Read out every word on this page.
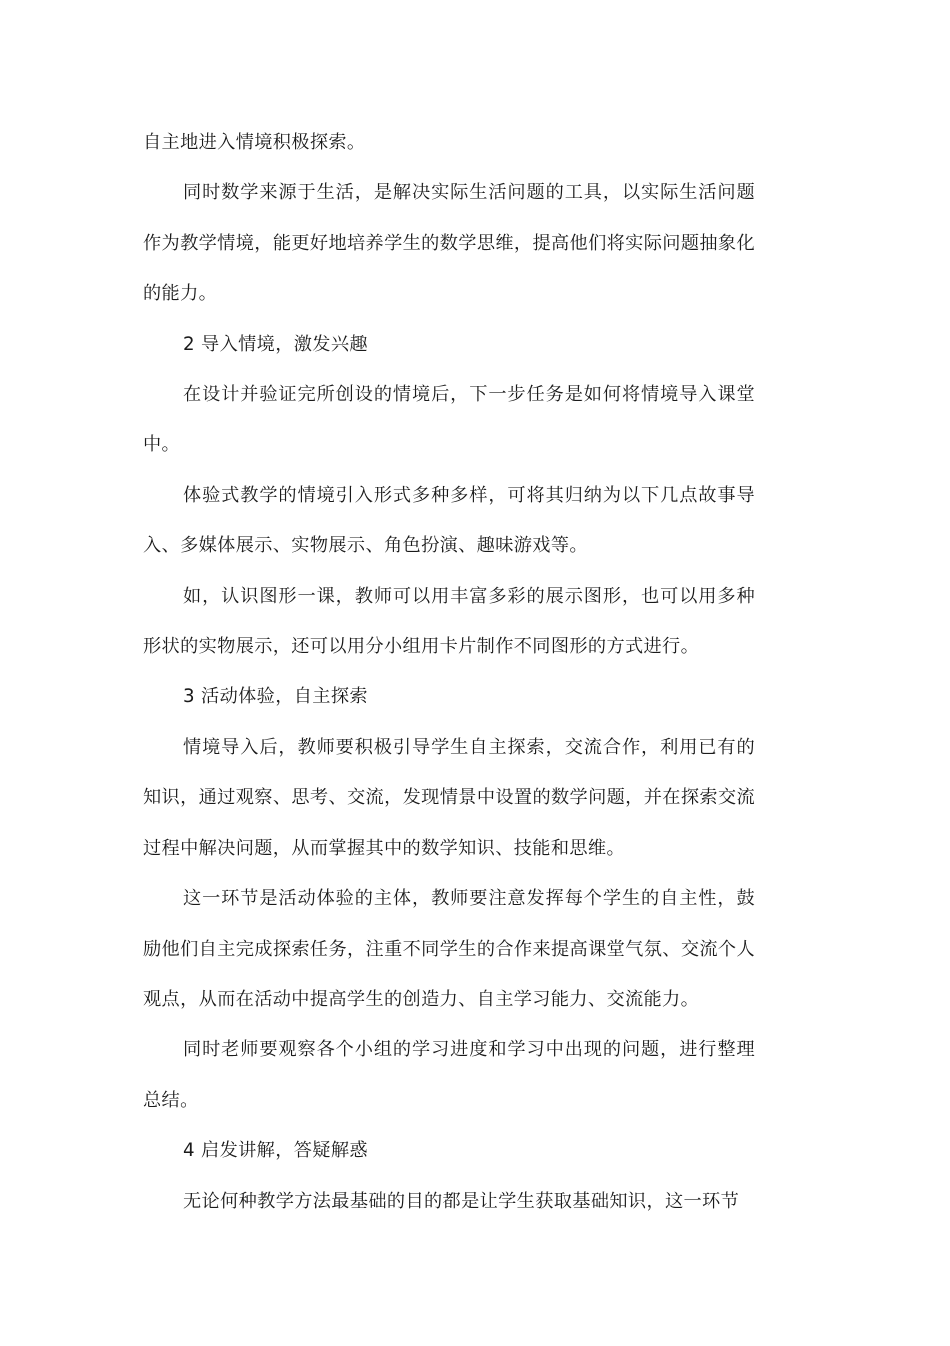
自主地进入情境积极探索。

同时数学来源于生活，是解决实际生活问题的工具，以实际生活问题作为教学情境，能更好地培养学生的数学思维，提高他们将实际问题抽象化的能力。

2 导入情境，激发兴趣

在设计并验证完所创设的情境后，下一步任务是如何将情境导入课堂中。

体验式教学的情境引入形式多种多样，可将其归纳为以下几点故事导入、多媒体展示、实物展示、角色扮演、趣味游戏等。

如，认识图形一课，教师可以用丰富多彩的展示图形，也可以用多种形状的实物展示，还可以用分小组用卡片制作不同图形的方式进行。

3 活动体验，自主探索

情境导入后，教师要积极引导学生自主探索，交流合作，利用已有的知识，通过观察、思考、交流，发现情景中设置的数学问题，并在探索交流过程中解决问题，从而掌握其中的数学知识、技能和思维。

这一环节是活动体验的主体，教师要注意发挥每个学生的自主性，鼓励他们自主完成探索任务，注重不同学生的合作来提高课堂气氛、交流个人观点，从而在活动中提高学生的创造力、自主学习能力、交流能力。

同时老师要观察各个小组的学习进度和学习中出现的问题，进行整理总结。

4 启发讲解，答疑解惑

无论何种教学方法最基础的目的都是让学生获取基础知识，这一环节
